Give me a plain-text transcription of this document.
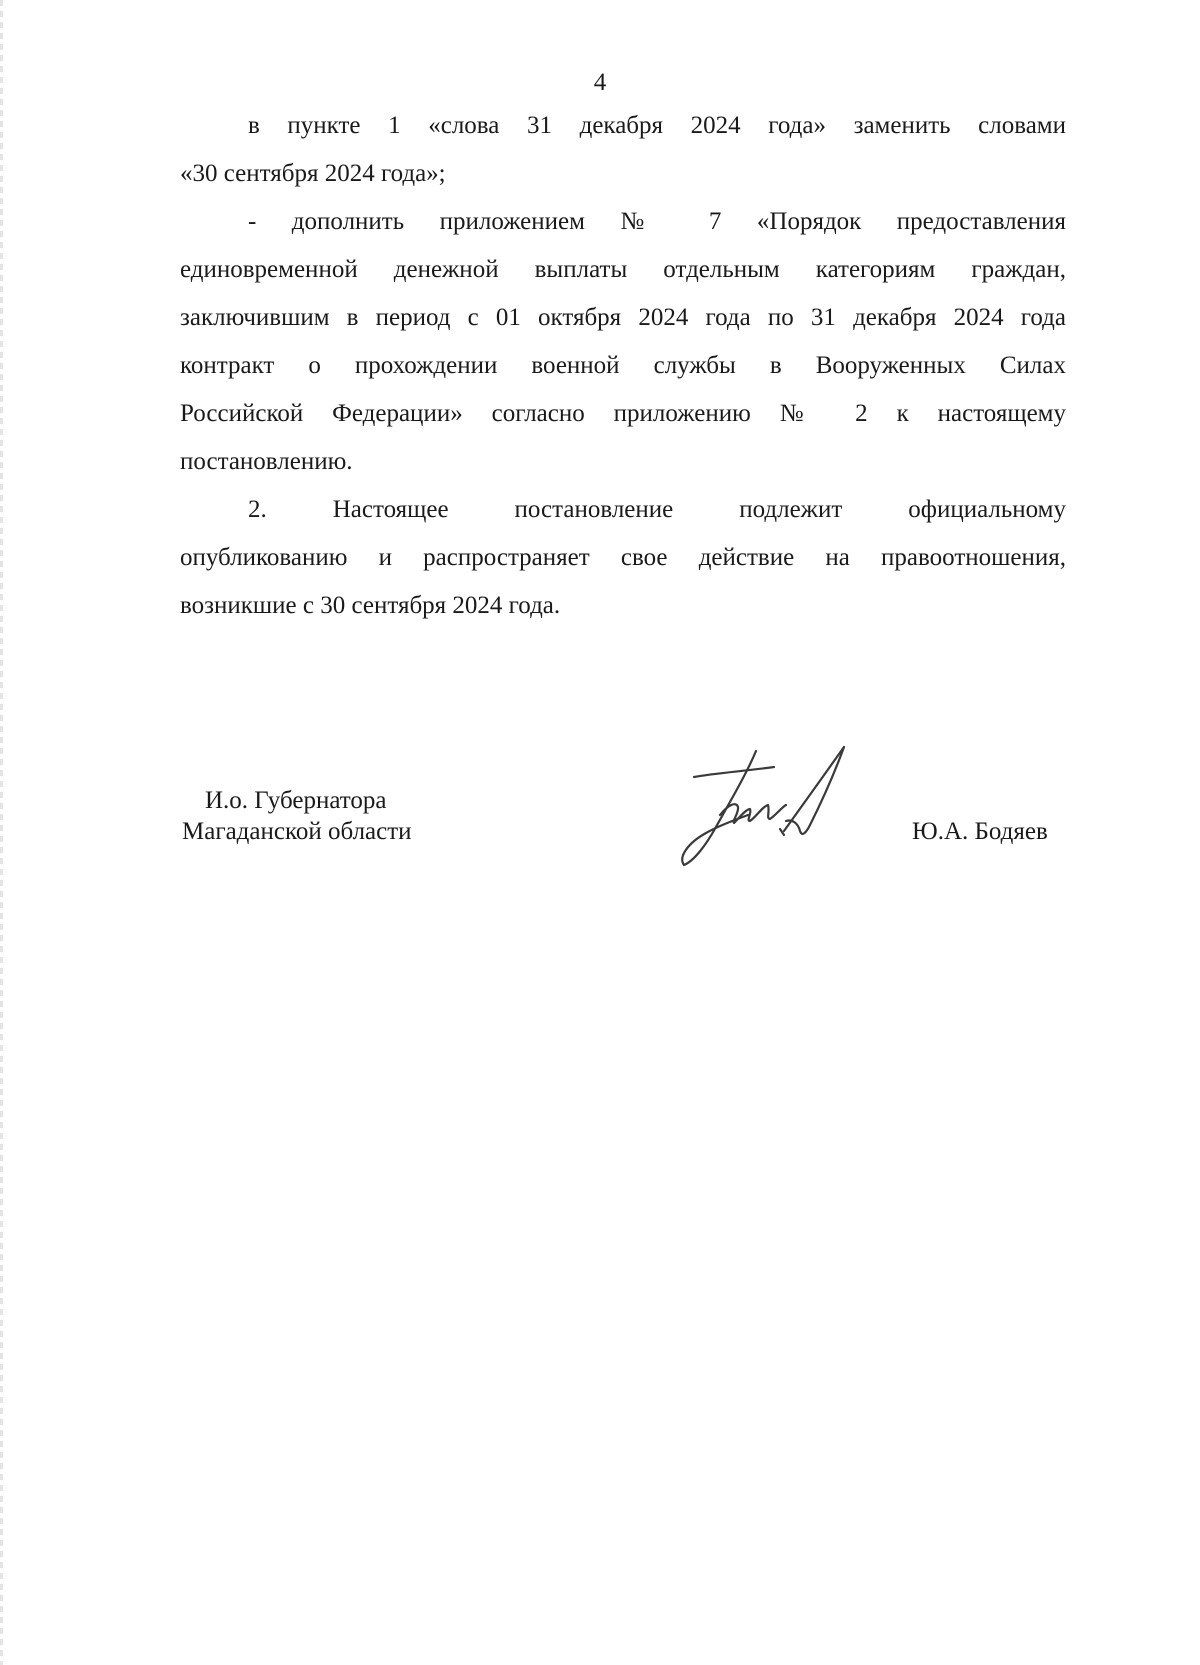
4
в пункте 1 «слова 31 декабря 2024 года» заменить словами
«30 сентября 2024 года»;
- дополнить приложением № 7 «Порядок предоставления
единовременной денежной выплаты отдельным категориям граждан,
заключившим в период с 01 октября 2024 года по 31 декабря 2024 года
контракт о прохождении военной службы в Вооруженных Силах
Российской Федерации» согласно приложению № 2 к настоящему
постановлению.
2. Настоящее постановление подлежит официальному
опубликованию и распространяет свое действие на правоотношения,
возникшие с 30 сентября 2024 года.
И.о. Губернатора
Магаданской области	Ю.А. Бодяев
